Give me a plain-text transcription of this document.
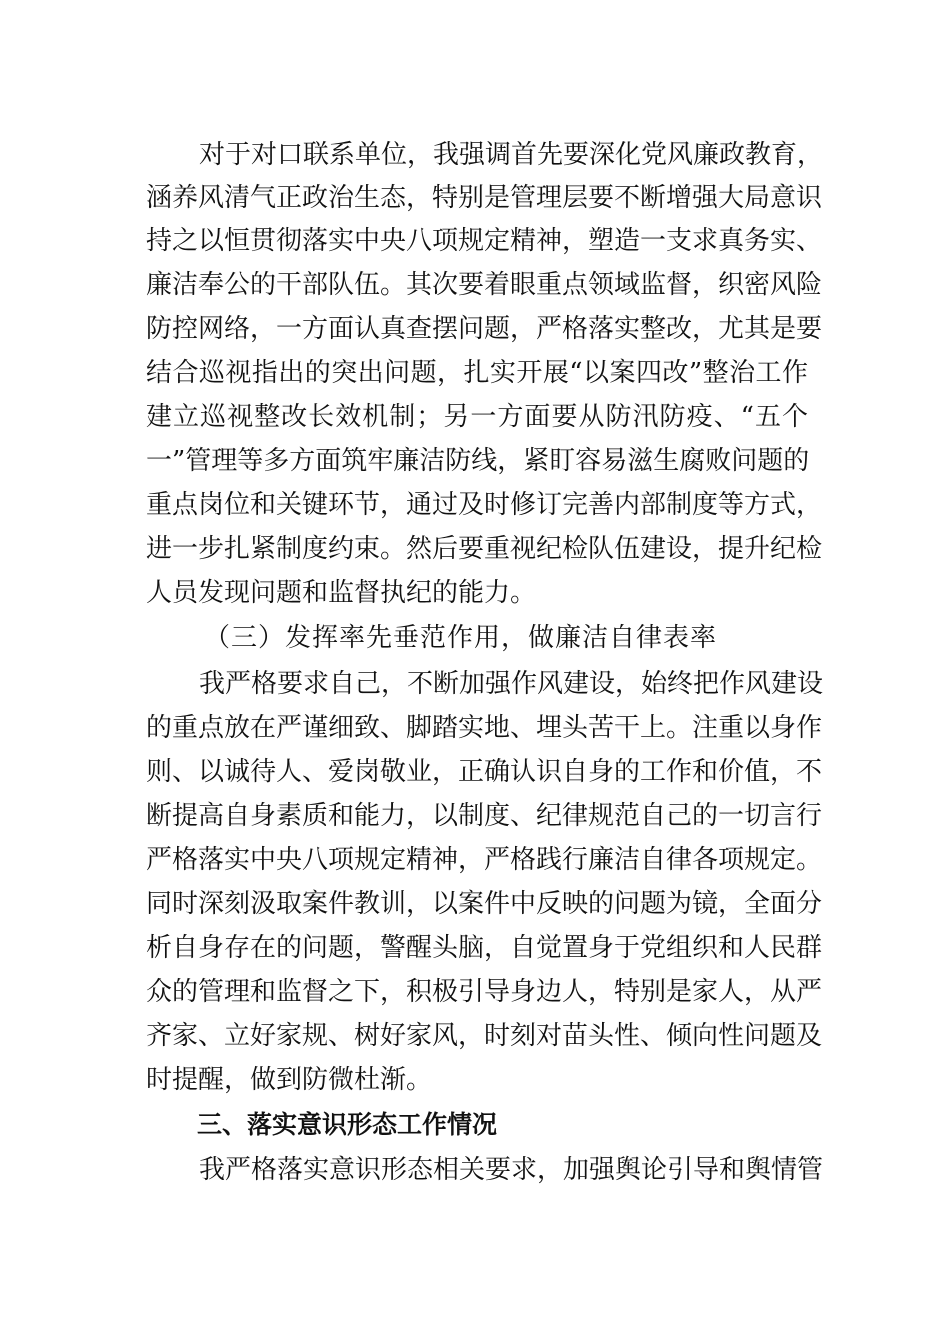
对于对口联系单位，我强调首先要深化党风廉政教育，
涵养风清气正政治生态，特别是管理层要不断增强大局意识
持之以恒贯彻落实中央八项规定精神，塑造一支求真务实、
廉洁奉公的干部队伍。其次要着眼重点领域监督，织密风险
防控网络，一方面认真查摆问题，严格落实整改，尤其是要
结合巡视指出的突出问题，扎实开展“以案四改”整治工作
建立巡视整改长效机制；另一方面要从防汛防疫、“五个
一”管理等多方面筑牢廉洁防线，紧盯容易滋生腐败问题的
重点岗位和关键环节，通过及时修订完善内部制度等方式，
进一步扎紧制度约束。然后要重视纪检队伍建设，提升纪检
人员发现问题和监督执纪的能力。
（三）发挥率先垂范作用，做廉洁自律表率
我严格要求自己，不断加强作风建设，始终把作风建设
的重点放在严谨细致、脚踏实地、埋头苦干上。注重以身作
则、以诚待人、爱岗敬业，正确认识自身的工作和价值，不
断提高自身素质和能力，以制度、纪律规范自己的一切言行
严格落实中央八项规定精神，严格践行廉洁自律各项规定。
同时深刻汲取案件教训，以案件中反映的问题为镜，全面分
析自身存在的问题，警醒头脑，自觉置身于党组织和人民群
众的管理和监督之下，积极引导身边人，特别是家人，从严
齐家、立好家规、树好家风，时刻对苗头性、倾向性问题及
时提醒，做到防微杜渐。
三、落实意识形态工作情况
我严格落实意识形态相关要求，加强舆论引导和舆情管
